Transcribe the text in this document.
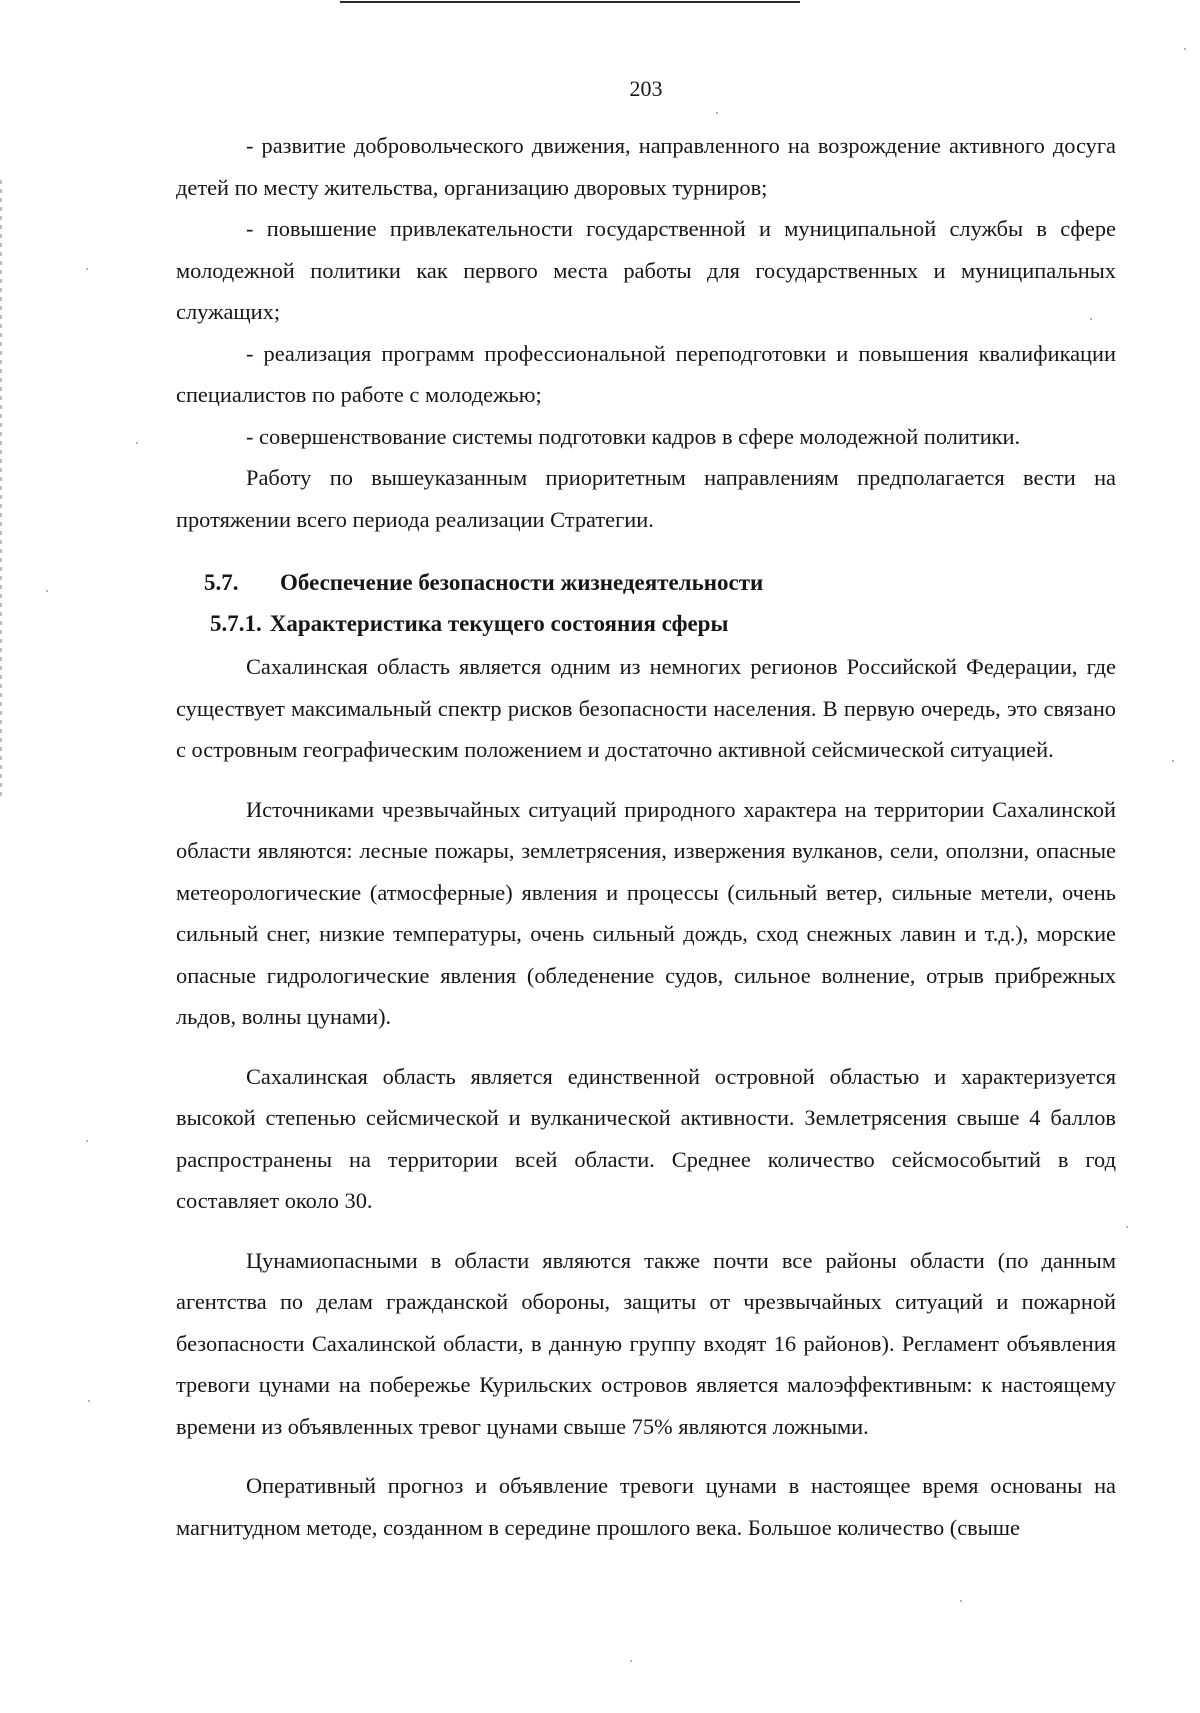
203

- развитие добровольческого движения, направленного на возрождение активного досуга детей по месту жительства, организацию дворовых турниров;

- повышение привлекательности государственной и муниципальной службы в сфере молодежной политики как первого места работы для государственных и муниципальных служащих;

- реализация программ профессиональной переподготовки и повышения квалификации специалистов по работе с молодежью;

- совершенствование системы подготовки кадров в сфере молодежной политики.

Работу по вышеуказанным приоритетным направлениям предполагается вести на протяжении всего периода реализации Стратегии.

5.7. Обеспечение безопасности жизнедеятельности

5.7.1. Характеристика текущего состояния сферы

Сахалинская область является одним из немногих регионов Российской Федерации, где существует максимальный спектр рисков безопасности населения. В первую очередь, это связано с островным географическим положением и достаточно активной сейсмической ситуацией.

Источниками чрезвычайных ситуаций природного характера на территории Сахалинской области являются: лесные пожары, землетрясения, извержения вулканов, сели, оползни, опасные метеорологические (атмосферные) явления и процессы (сильный ветер, сильные метели, очень сильный снег, низкие температуры, очень сильный дождь, сход снежных лавин и т.д.), морские опасные гидрологические явления (обледенение судов, сильное волнение, отрыв прибрежных льдов, волны цунами).

Сахалинская область является единственной островной областью и характеризуется высокой степенью сейсмической и вулканической активности. Землетрясения свыше 4 баллов распространены на территории всей области. Среднее количество сейсмособытий в год составляет около 30.

Цунамиопасными в области являются также почти все районы области (по данным агентства по делам гражданской обороны, защиты от чрезвычайных ситуаций и пожарной безопасности Сахалинской области, в данную группу входят 16 районов). Регламент объявления тревоги цунами на побережье Курильских островов является малоэффективным: к настоящему времени из объявленных тревог цунами свыше 75% являются ложными.

Оперативный прогноз и объявление тревоги цунами в настоящее время основаны на магнитудном методе, созданном в середине прошлого века. Большое количество (свыше
